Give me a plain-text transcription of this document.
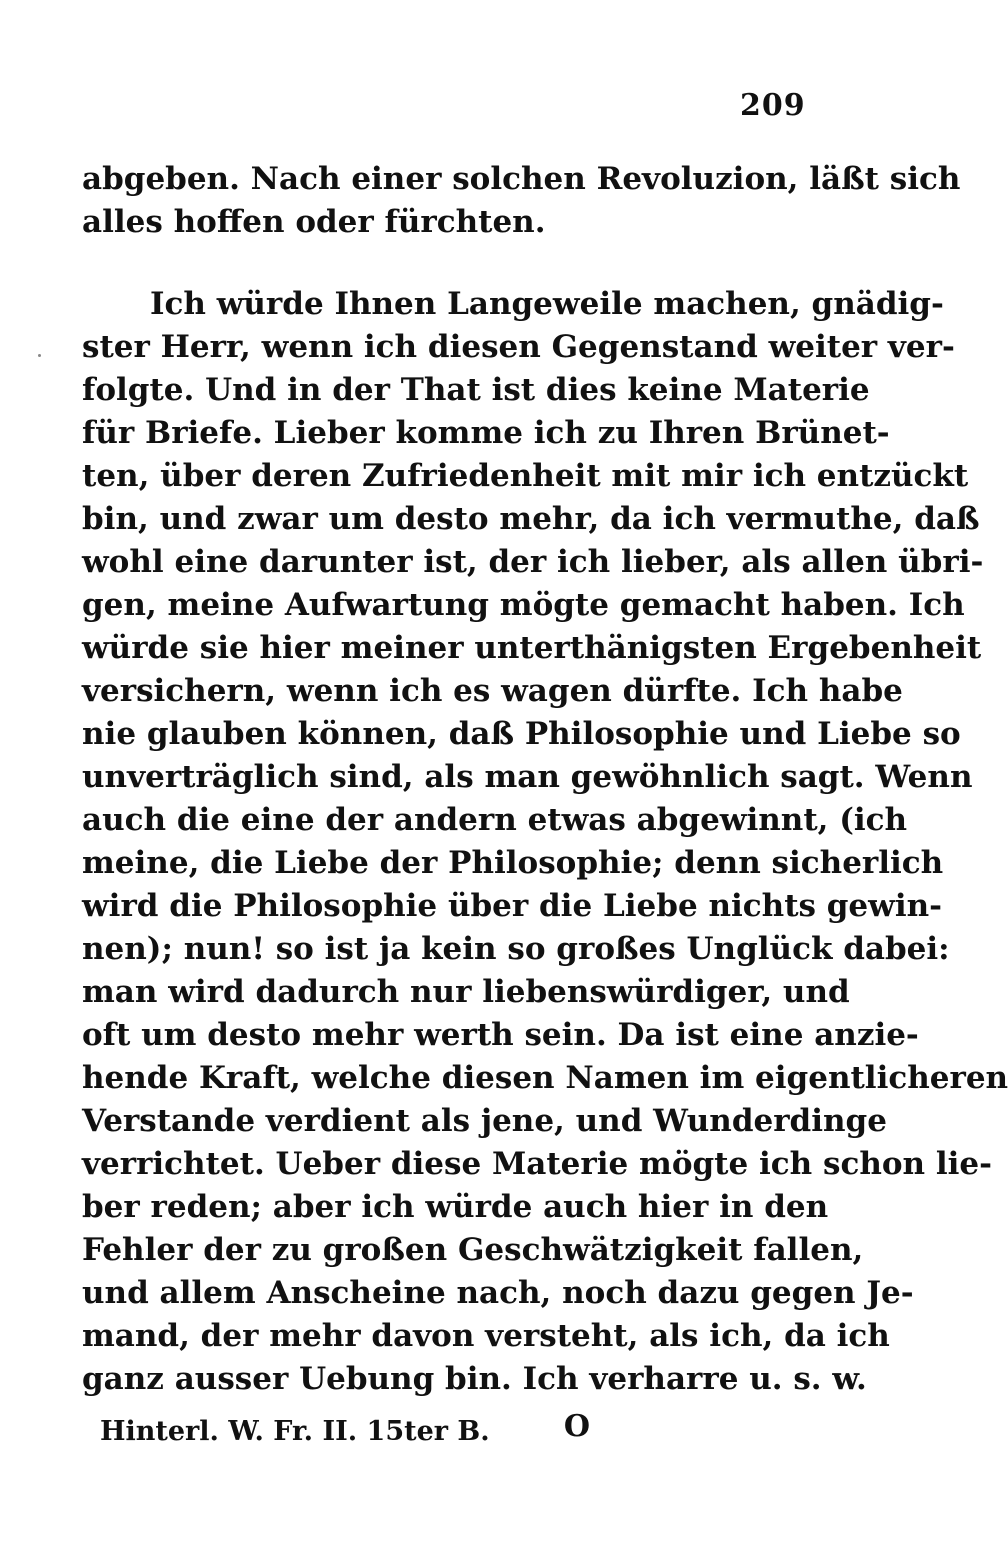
209
abgeben. Nach einer solchen Revoluzion, läßt sich
alles hoffen oder fürchten.
Ich würde Ihnen Langeweile machen, gnädig-
ster Herr, wenn ich diesen Gegenstand weiter ver-
folgte. Und in der That ist dies keine Materie
für Briefe. Lieber komme ich zu Ihren Brünet-
ten, über deren Zufriedenheit mit mir ich entzückt
bin, und zwar um desto mehr, da ich vermuthe, daß
wohl eine darunter ist, der ich lieber, als allen übri-
gen, meine Aufwartung mögte gemacht haben. Ich
würde sie hier meiner unterthänigsten Ergebenheit
versichern, wenn ich es wagen dürfte. Ich habe
nie glauben können, daß Philosophie und Liebe so
unverträglich sind, als man gewöhnlich sagt. Wenn
auch die eine der andern etwas abgewinnt, (ich
meine, die Liebe der Philosophie; denn sicherlich
wird die Philosophie über die Liebe nichts gewin-
nen); nun! so ist ja kein so großes Unglück dabei:
man wird dadurch nur liebenswürdiger, und
oft um desto mehr werth sein. Da ist eine anzie-
hende Kraft, welche diesen Namen im eigentlicheren
Verstande verdient als jene, und Wunderdinge
verrichtet. Ueber diese Materie mögte ich schon lie-
ber reden; aber ich würde auch hier in den
Fehler der zu großen Geschwätzigkeit fallen,
und allem Anscheine nach, noch dazu gegen Je-
mand, der mehr davon versteht, als ich, da ich
ganz ausser Uebung bin. Ich verharre u. s. w.
Hinterl. W. Fr. II. 15ter B.	O
